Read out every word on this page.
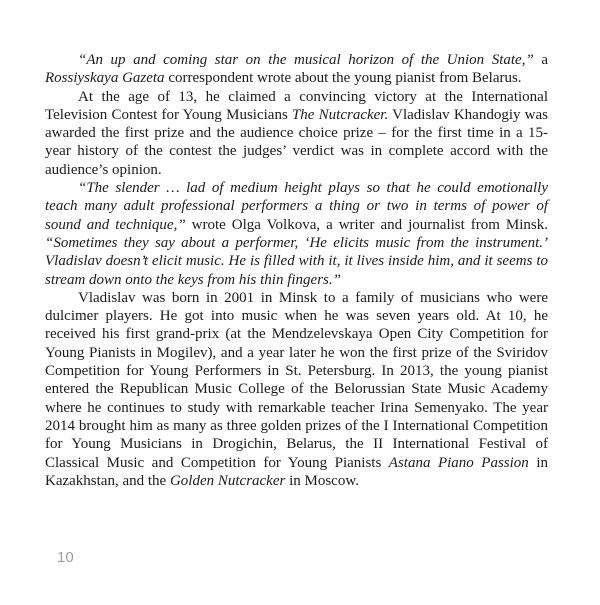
“An up and coming star on the musical horizon of the Union State,” a Rossiyskaya Gazeta correspondent wrote about the young pianist from Belarus.

At the age of 13, he claimed a convincing victory at the International Television Contest for Young Musicians The Nutcracker. Vladislav Khandogiy was awarded the first prize and the audience choice prize – for the first time in a 15-year history of the contest the judges’ verdict was in complete accord with the audience’s opinion.

“The slender … lad of medium height plays so that he could emotionally teach many adult professional performers a thing or two in terms of power of sound and technique,” wrote Olga Volkova, a writer and journalist from Minsk. “Sometimes they say about a performer, ‘He elicits music from the instrument.’ Vladislav doesn’t elicit music. He is filled with it, it lives inside him, and it seems to stream down onto the keys from his thin fingers.”

Vladislav was born in 2001 in Minsk to a family of musicians who were dulcimer players. He got into music when he was seven years old. At 10, he received his first grand-prix (at the Mendzelevskaya Open City Competition for Young Pianists in Mogilev), and a year later he won the first prize of the Sviridov Competition for Young Performers in St. Petersburg. In 2013, the young pianist entered the Republican Music College of the Belorussian State Music Academy where he continues to study with remarkable teacher Irina Semenyako. The year 2014 brought him as many as three golden prizes of the I International Competition for Young Musicians in Drogichin, Belarus, the II International Festival of Classical Music and Competition for Young Pianists Astana Piano Passion in Kazakhstan, and the Golden Nutcracker in Moscow.

10
